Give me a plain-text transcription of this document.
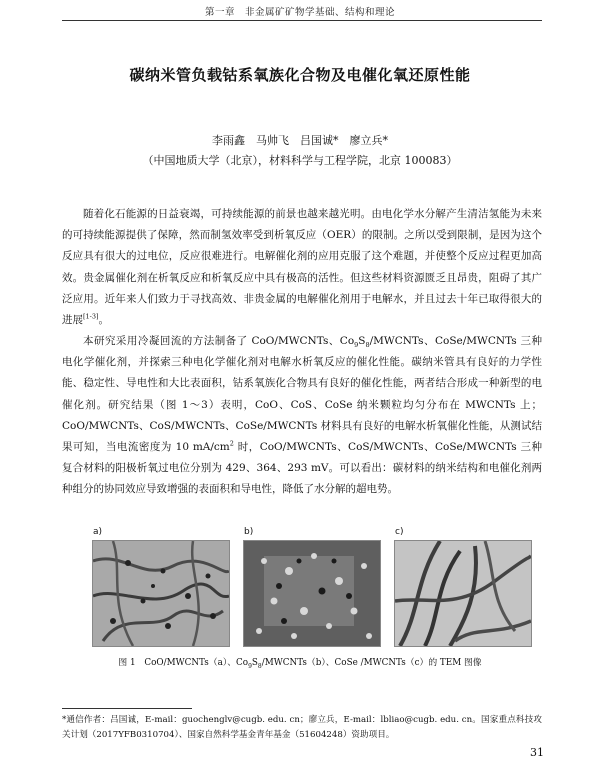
第一章　非金属矿矿物学基础、结构和理论
碳纳米管负载钴系氧族化合物及电催化氧还原性能
李雨鑫　马帅飞　吕国诚*　廖立兵*
（中国地质大学（北京），材料科学与工程学院，北京 100083）

随着化石能源的日益衰竭，可持续能源的前景也越来越光明。由电化学水分解产生清洁氢能为未来的可持续能源提供了保障，然而制氢效率受到析氧反应（OER）的限制。之所以受到限制，是因为这个反应具有很大的过电位，反应很难进行。电解催化剂的应用克服了这个难题，并使整个反应过程更加高效。贵金属催化剂在析氧反应和析氧反应中具有极高的活性。但这些材料资源匮乏且昂贵，阻碍了其广泛应用。近年来人们致力于寻找高效、非贵金属的电解催化剂用于电解水，并且过去十年已取得很大的进展[1-3]。

本研究采用冷凝回流的方法制备了 CoO/MWCNTs、$Co_9S_8$/MWCNTs、CoSe/MWCNTs 三种电化学催化剂，并探索三种电化学催化剂对电解水析氧反应的催化性能。碳纳米管具有良好的力学性能、稳定性、导电性和大比表面积，钴系氧族化合物具有良好的催化性能，两者结合形成一种新型的电催化剂。研究结果（图 1～3）表明，CoO、CoS、CoSe 纳米颗粒均匀分布在 MWCNTs 上；CoO/MWCNTs、CoS/MWCNTs、CoSe/MWCNTs 材料具有良好的电解水析氧催化性能，从测试结果可知，当电流密度为 10 $mA/cm^2$ 时，CoO/MWCNTs、CoS/MWCNTs、CoSe/MWCNTs 三种复合材料的阳极析氧过电位分别为 429、364、293 mV。可以看出：碳材料的纳米结构和电催化剂两种组分的协同效应导致增强的表面积和导电性，降低了水分解的超电势。

a)	b)	c)
图 1　CoO/MWCNTs（a）、$Co_9S_8/MWCNTs(b)$、CoSe /MWCNTs（c）的 TEM 图像
*通信作者：吕国诚，E-mail：guochenglv@cugb. edu. cn；廖立兵，E-mail：lbliao@cugb. edu. cn。国家重点科技攻关计划（2017YFB0310704）、国家自然科学基金青年基金（51604248）资助项目。
31
